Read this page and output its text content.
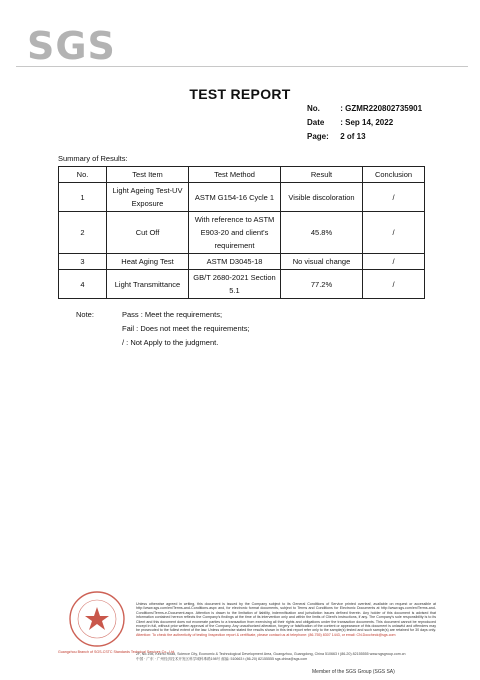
SGS
TEST REPORT
No.	: GZMR220802735901
Date : Sep 14, 2022
Page: 2 of 13
Summary of Results:
No.	Test Item	Test Method	Result	Conclusion
1	Light Ageing Test-UV Exposure	ASTM G154-16 Cycle 1	Visible discoloration	/
2	Cut Off	With reference to ASTM E903-20 and client's requirement	45.8%	/
3	Heat Aging Test	ASTM D3045-18	No visual change	/
4	Light Transmittance	GB/T 2680-2021 Section 5.1	77.2%	/
Note:	Pass : Meet the requirements;
Fail : Does not meet the requirements;
/ : Not Apply to the judgment.
Unless otherwise agreed in writing, this document is issued by the Company subject to its General Conditions of Service printed overleaf, available on request or accessible at http://www.sgs.com/en/Terms-and-Conditions.aspx and, for electronic format documents, subject to Terms and Conditions for Electronic Documents at http://www.sgs.com/en/Terms-and-Conditions/Terms-e-Document.aspx. Attention is drawn to the limitation of liability, indemnification and jurisdiction issues defined therein. Any holder of this document is advised that information contained hereon reflects the Company's findings at the time of its intervention only and within the limits of Client's instructions, if any. The Company's sole responsibility is to its Client and this document does not exonerate parties to a transaction from exercising all their rights and obligations under the transaction documents. This document cannot be reproduced except in full, without prior written approval of the Company. Any unauthorized alteration, forgery or falsification of the content or appearance of this document is unlawful and offenders may be prosecuted to the fullest extent of the law. Unless otherwise stated the results shown in this test report refer only to the sample(s) tested and such sample(s) are retained for 30 days only. Attention: To check the authenticity of testing /inspection report & certificate, please contact us at telephone: (86-755) 8307 1443, or email: CN.Doccheck@sgs.com
Guangzhou Branch of SGS-CSTC Standards Technical Services Co., Ltd.
2F, No.198, Kezhu Road, Science City, Economic & Technological Development Area, Guangzhou, Guangdong, China 510663 t (86-20) 82155555 www.sgsgroup.com.cn
中国 · 广东 · 广州经济技术开发区科学城科珠路198号 邮编: 510663 t (86-20) 82155555 sgs.china@sgs.com
Member of the SGS Group (SGS SA)
